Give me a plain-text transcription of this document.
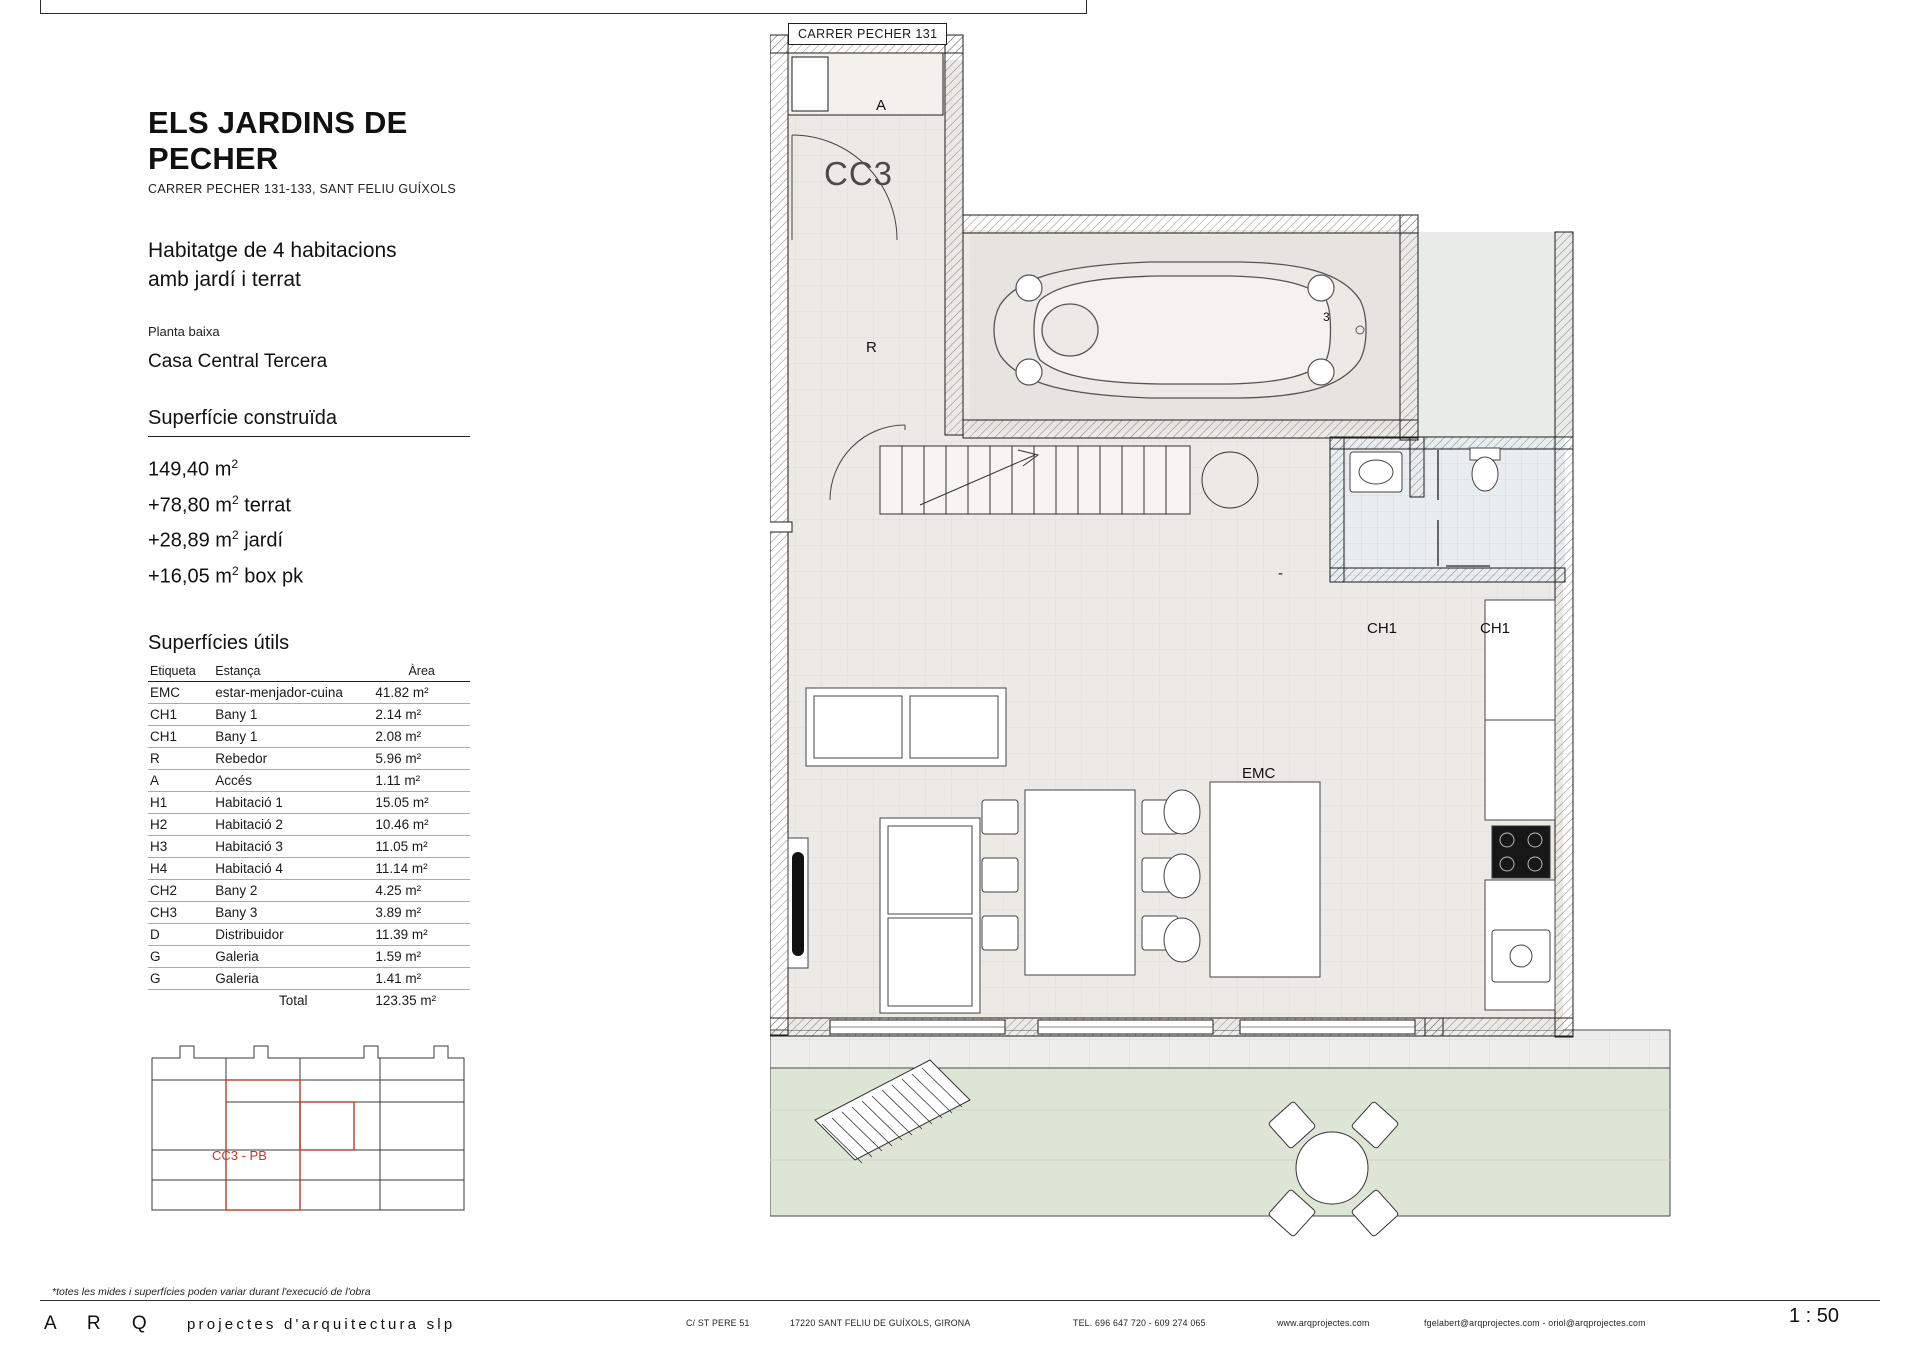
ELS JARDINS DE PECHER
CARRER PECHER 131-133, SANT FELIU GUÍXOLS
Habitatge de 4 habitacions
amb jardí i terrat
Planta baixa
Casa Central Tercera
Superfície construïda
149,40 $m^2$
+78,80 $m^2$ terrat
+28,89 $m^2$ jardí
+16,05 $m^2$ box pk
Superfícies útils
Etiqueta	Estança	Àrea
EMC	estar-menjador-cuina	41.82 m²
CH1	Bany 1	2.14 m²
CH1	Bany 1	2.08 m²
R	Rebedor	5.96 m²
A	Accés	1.11 m²
H1	Habitació 1	15.05 m²
H2	Habitació 2	10.46 m²
H3	Habitació 3	11.05 m²
H4	Habitació 4	11.14 m²
CH2	Bany 2	4.25 m²
CH3	Bany 3	3.89 m²
D	Distribuidor	11.39 m²
G	Galeria	1.59 m²
G	Galeria	1.41 m²
	Total	123.35 m²
CC3 - PB
*totes les mides i superfícies poden variar durant l'execució de l'obra
A R Q projectes d'arquitectura slp	C/ ST PERE 51	17220 SANT FELIU DE GUÍXOLS, GIRONA	TEL. 696 647 720 - 609 274 065	www.arqprojectes.com	fgelabert@arqprojectes.com - oriol@arqprojectes.com	1 : 50
CARRER PECHER 131
CC3
A
R
EMC
CH1	CH1
-
3
